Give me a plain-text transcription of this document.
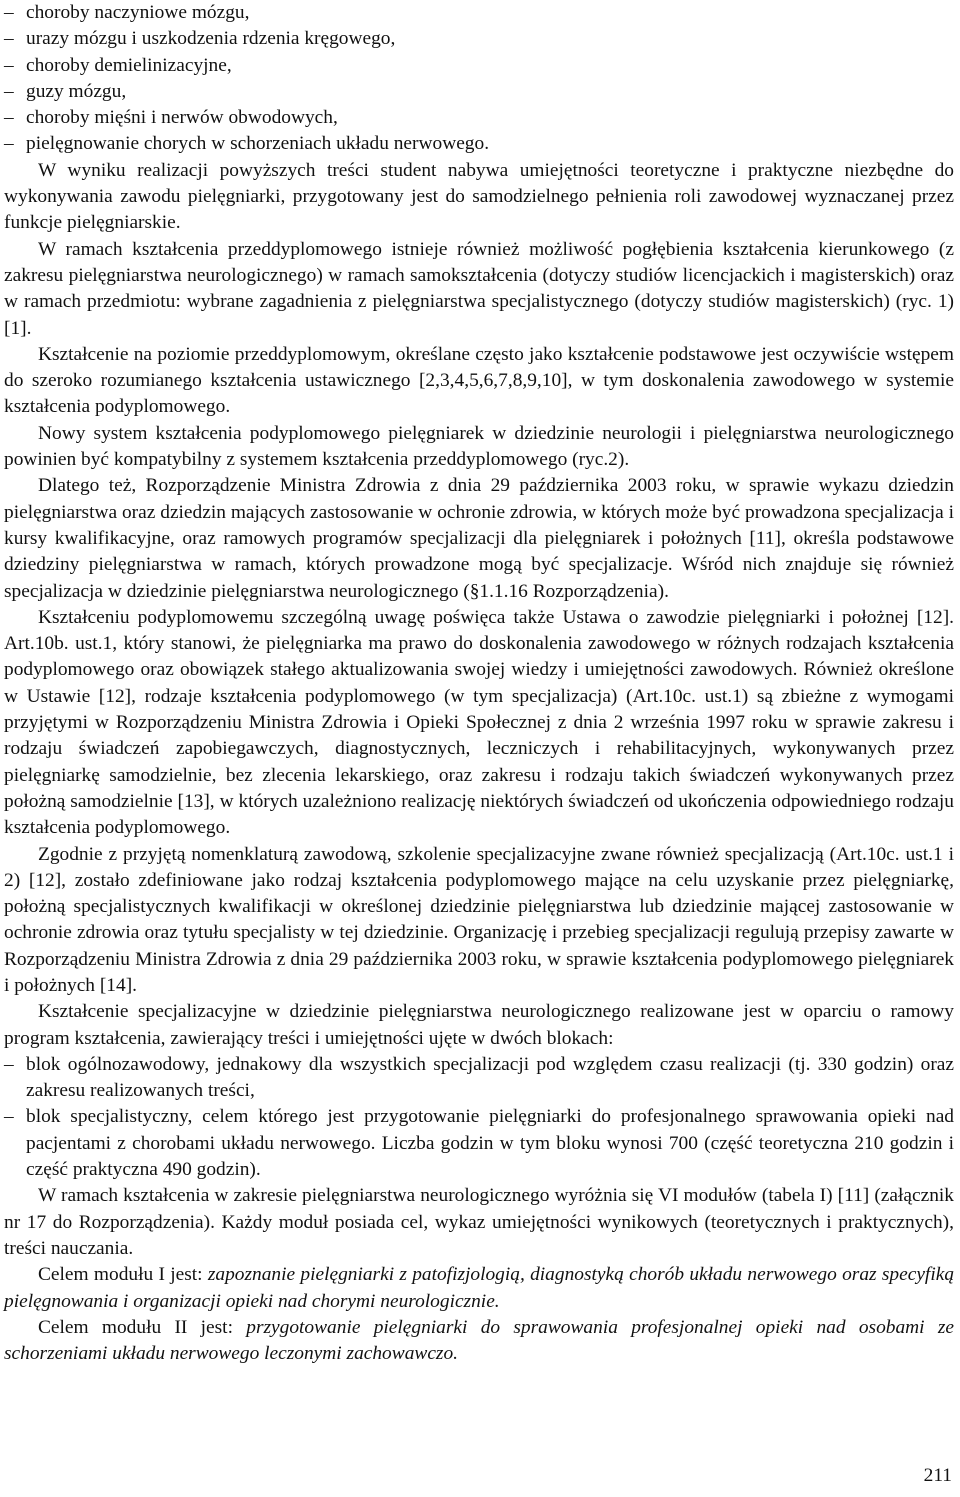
– choroby naczyniowe mózgu,
– urazy mózgu i uszkodzenia rdzenia kręgowego,
– choroby demielinizacyjne,
– guzy mózgu,
– choroby mięśni i nerwów obwodowych,
– pielęgnowanie chorych w schorzeniach układu nerwowego.

W wyniku realizacji powyższych treści student nabywa umiejętności teoretyczne i praktyczne niezbędne do wykonywania zawodu pielęgniarki, przygotowany jest do samodzielnego pełnienia roli zawodowej wyznaczanej przez funkcje pielęgniarskie.

W ramach kształcenia przeddyplomowego istnieje również możliwość pogłębienia kształcenia kierunkowego (z zakresu pielęgniarstwa neurologicznego) w ramach samokształcenia (dotyczy studiów licencjackich i magisterskich) oraz w ramach przedmiotu: wybrane zagadnienia z pielęgniarstwa specjalistycznego (dotyczy studiów magisterskich) (ryc. 1) [1].

Kształcenie na poziomie przeddyplomowym, określane często jako kształcenie podstawowe jest oczywiście wstępem do szeroko rozumianego kształcenia ustawicznego [2,3,4,5,6,7,8,9,10], w tym doskonalenia zawodowego w systemie kształcenia podyplomowego.

Nowy system kształcenia podyplomowego pielęgniarek w dziedzinie neurologii i pielęgniarstwa neurologicznego powinien być kompatybilny z systemem kształcenia przeddyplomowego (ryc.2).

Dlatego też, Rozporządzenie Ministra Zdrowia z dnia 29 października 2003 roku, w sprawie wykazu dziedzin pielęgniarstwa oraz dziedzin mających zastosowanie w ochronie zdrowia, w których może być prowadzona specjalizacja i kursy kwalifikacyjne, oraz ramowych programów specjalizacji dla pielęgniarek i położnych [11], określa podstawowe dziedziny pielęgniarstwa w ramach, których prowadzone mogą być specjalizacje. Wśród nich znajduje się również specjalizacja w dziedzinie pielęgniarstwa neurologicznego (§1.1.16 Rozporządzenia).

Kształceniu podyplomowemu szczególną uwagę poświęca także Ustawa o zawodzie pielęgniarki i położnej [12]. Art.10b. ust.1, który stanowi, że pielęgniarka ma prawo do doskonalenia zawodowego w różnych rodzajach kształcenia podyplomowego oraz obowiązek stałego aktualizowania swojej wiedzy i umiejętności zawodowych. Również określone w Ustawie [12], rodzaje kształcenia podyplomowego (w tym specjalizacja) (Art.10c. ust.1) są zbieżne z wymogami przyjętymi w Rozporządzeniu Ministra Zdrowia i Opieki Społecznej z dnia 2 września 1997 roku w sprawie zakresu i rodzaju świadczeń zapobiegawczych, diagnostycznych, leczniczych i rehabilitacyjnych, wykonywanych przez pielęgniarkę samodzielnie, bez zlecenia lekarskiego, oraz zakresu i rodzaju takich świadczeń wykonywanych przez położną samodzielnie [13], w których uzależniono realizację niektórych świadczeń od ukończenia odpowiedniego rodzaju kształcenia podyplomowego.

Zgodnie z przyjętą nomenklaturą zawodową, szkolenie specjalizacyjne zwane również specjalizacją (Art.10c. ust.1 i 2) [12], zostało zdefiniowane jako rodzaj kształcenia podyplomowego mające na celu uzyskanie przez pielęgniarkę, położną specjalistycznych kwalifikacji w określonej dziedzinie pielęgniarstwa lub dziedzinie mającej zastosowanie w ochronie zdrowia oraz tytułu specjalisty w tej dziedzinie. Organizację i przebieg specjalizacji regulują przepisy zawarte w Rozporządzeniu Ministra Zdrowia z dnia 29 października 2003 roku, w sprawie kształcenia podyplomowego pielęgniarek i położnych [14].

Kształcenie specjalizacyjne w dziedzinie pielęgniarstwa neurologicznego realizowane jest w oparciu o ramowy program kształcenia, zawierający treści i umiejętności ujęte w dwóch blokach:

– blok ogólnozawodowy, jednakowy dla wszystkich specjalizacji pod względem czasu realizacji (tj. 330 godzin) oraz zakresu realizowanych treści,
– blok specjalistyczny, celem którego jest przygotowanie pielęgniarki do profesjonalnego sprawowania opieki nad pacjentami z chorobami układu nerwowego. Liczba godzin w tym bloku wynosi 700 (część teoretyczna 210 godzin i część praktyczna 490 godzin).

W ramach kształcenia w zakresie pielęgniarstwa neurologicznego wyróżnia się VI modułów (tabela I) [11] (załącznik nr 17 do Rozporządzenia). Każdy moduł posiada cel, wykaz umiejętności wynikowych (teoretycznych i praktycznych), treści nauczania.

Celem modułu I jest: zapoznanie pielęgniarki z patofizjologią, diagnostyką chorób układu nerwowego oraz specyfiką pielęgnowania i organizacji opieki nad chorymi neurologicznie.

Celem modułu II jest: przygotowanie pielęgniarki do sprawowania profesjonalnej opieki nad osobami ze schorzeniami układu nerwowego leczonymi zachowawczo.

211
